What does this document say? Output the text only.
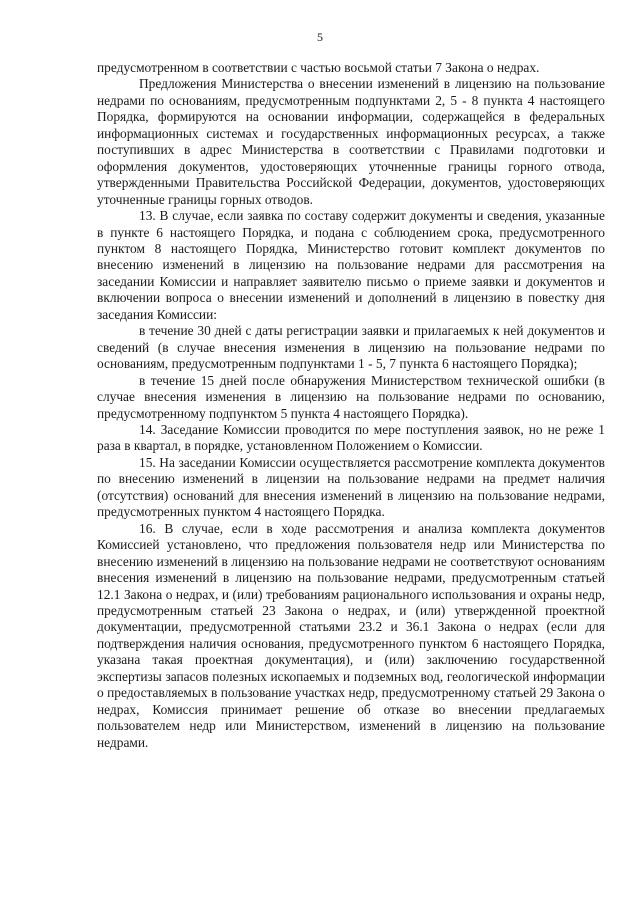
5

предусмотренном в соответствии с частью восьмой статьи 7 Закона о недрах.

Предложения Министерства о внесении изменений в лицензию на пользование недрами по основаниям, предусмотренным подпунктами 2, 5 - 8 пункта 4 настоящего Порядка, формируются на основании информации, содержащейся в федеральных информационных системах и государственных информационных ресурсах, а также поступивших в адрес Министерства в соответствии с Правилами подготовки и оформления документов, удостоверяющих уточненные границы горного отвода, утвержденными Правительства Российской Федерации, документов, удостоверяющих уточненные границы горных отводов.

13. В случае, если заявка по составу содержит документы и сведения, указанные в пункте 6 настоящего Порядка, и подана с соблюдением срока, предусмотренного пунктом 8 настоящего Порядка, Министерство готовит комплект документов по внесению изменений в лицензию на пользование недрами для рассмотрения на заседании Комиссии и направляет заявителю письмо о приеме заявки и документов и включении вопроса о внесении изменений и дополнений в лицензию в повестку дня заседания Комиссии:

в течение 30 дней с даты регистрации заявки и прилагаемых к ней документов и сведений (в случае внесения изменения в лицензию на пользование недрами по основаниям, предусмотренным подпунктами 1 - 5, 7 пункта 6 настоящего Порядка);

в течение 15 дней после обнаружения Министерством технической ошибки (в случае внесения изменения в лицензию на пользование недрами по основанию, предусмотренному подпунктом 5 пункта 4 настоящего Порядка).

14. Заседание Комиссии проводится по мере поступления заявок, но не реже 1 раза в квартал, в порядке, установленном Положением о Комиссии.

15. На заседании Комиссии осуществляется рассмотрение комплекта документов по внесению изменений в лицензии на пользование недрами на предмет наличия (отсутствия) оснований для внесения изменений в лицензию на пользование недрами, предусмотренных пунктом 4 настоящего Порядка.

16. В случае, если в ходе рассмотрения и анализа комплекта документов Комиссией установлено, что предложения пользователя недр или Министерства по внесению изменений в лицензию на пользование недрами не соответствуют основаниям внесения изменений в лицензию на пользование недрами, предусмотренным статьей 12.1 Закона о недрах, и (или) требованиям рационального использования и охраны недр, предусмотренным статьей 23 Закона о недрах, и (или) утвержденной проектной документации, предусмотренной статьями 23.2 и 36.1 Закона о недрах (если для подтверждения наличия основания, предусмотренного пунктом 6 настоящего Порядка, указана такая проектная документация), и (или) заключению государственной экспертизы запасов полезных ископаемых и подземных вод, геологической информации о предоставляемых в пользование участках недр, предусмотренному статьей 29 Закона о недрах, Комиссия принимает решение об отказе во внесении предлагаемых пользователем недр или Министерством, изменений в лицензию на пользование недрами.
